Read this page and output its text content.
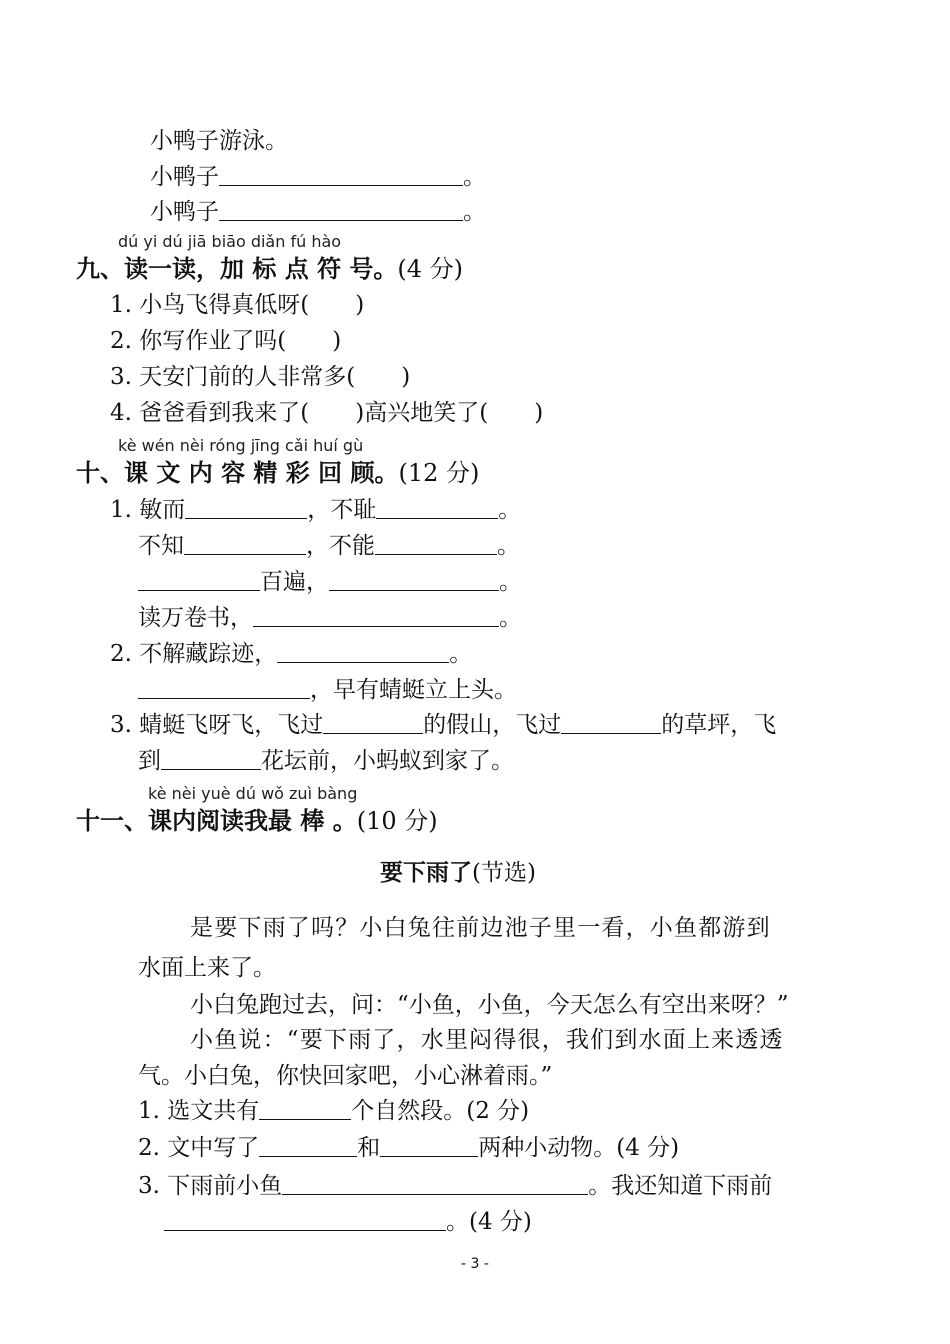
小鸭子游泳。
小鸭子	。
小鸭子	。
dú yi dú jiā biāo diǎn fú hào
九、读一读，加 标 点 符 号。(4 分)
1. 小鸟飞得真低呀( )
2. 你写作业了吗( )
3. 天安门前的人非常多( )
4. 爸爸看到我来了( )高兴地笑了( )
kè wén nèi róng jīng cǎi huí gù
十、课 文 内 容 精 彩 回 顾。(12 分)
1. 敏而	，不耻	。
不知	，不能	。
百遍，	。
读万卷书，	。
2. 不解藏踪迹，	。
，早有蜻蜓立上头。
3. 蜻蜓飞呀飞，飞过	的假山，飞过	的草坪，飞
到	花坛前，小蚂蚁到家了。
kè nèi yuè dú wǒ zuì bàng
十一、课内阅读我最 棒 。(10 分)
要下雨了(节选)
是要下雨了吗？小白兔往前边池子里一看，小鱼都游到
水面上来了。
小白兔跑过去，问：“小鱼，小鱼，今天怎么有空出来呀？”
小鱼说：“要下雨了，水里闷得很，我们到水面上来透透
气。小白兔，你快回家吧，小心淋着雨。”
1. 选文共有	个自然段。(2 分)
2. 文中写了	和	两种小动物。(4 分)
3. 下雨前小鱼	。我还知道下雨前
。(4 分)
- 3 -
